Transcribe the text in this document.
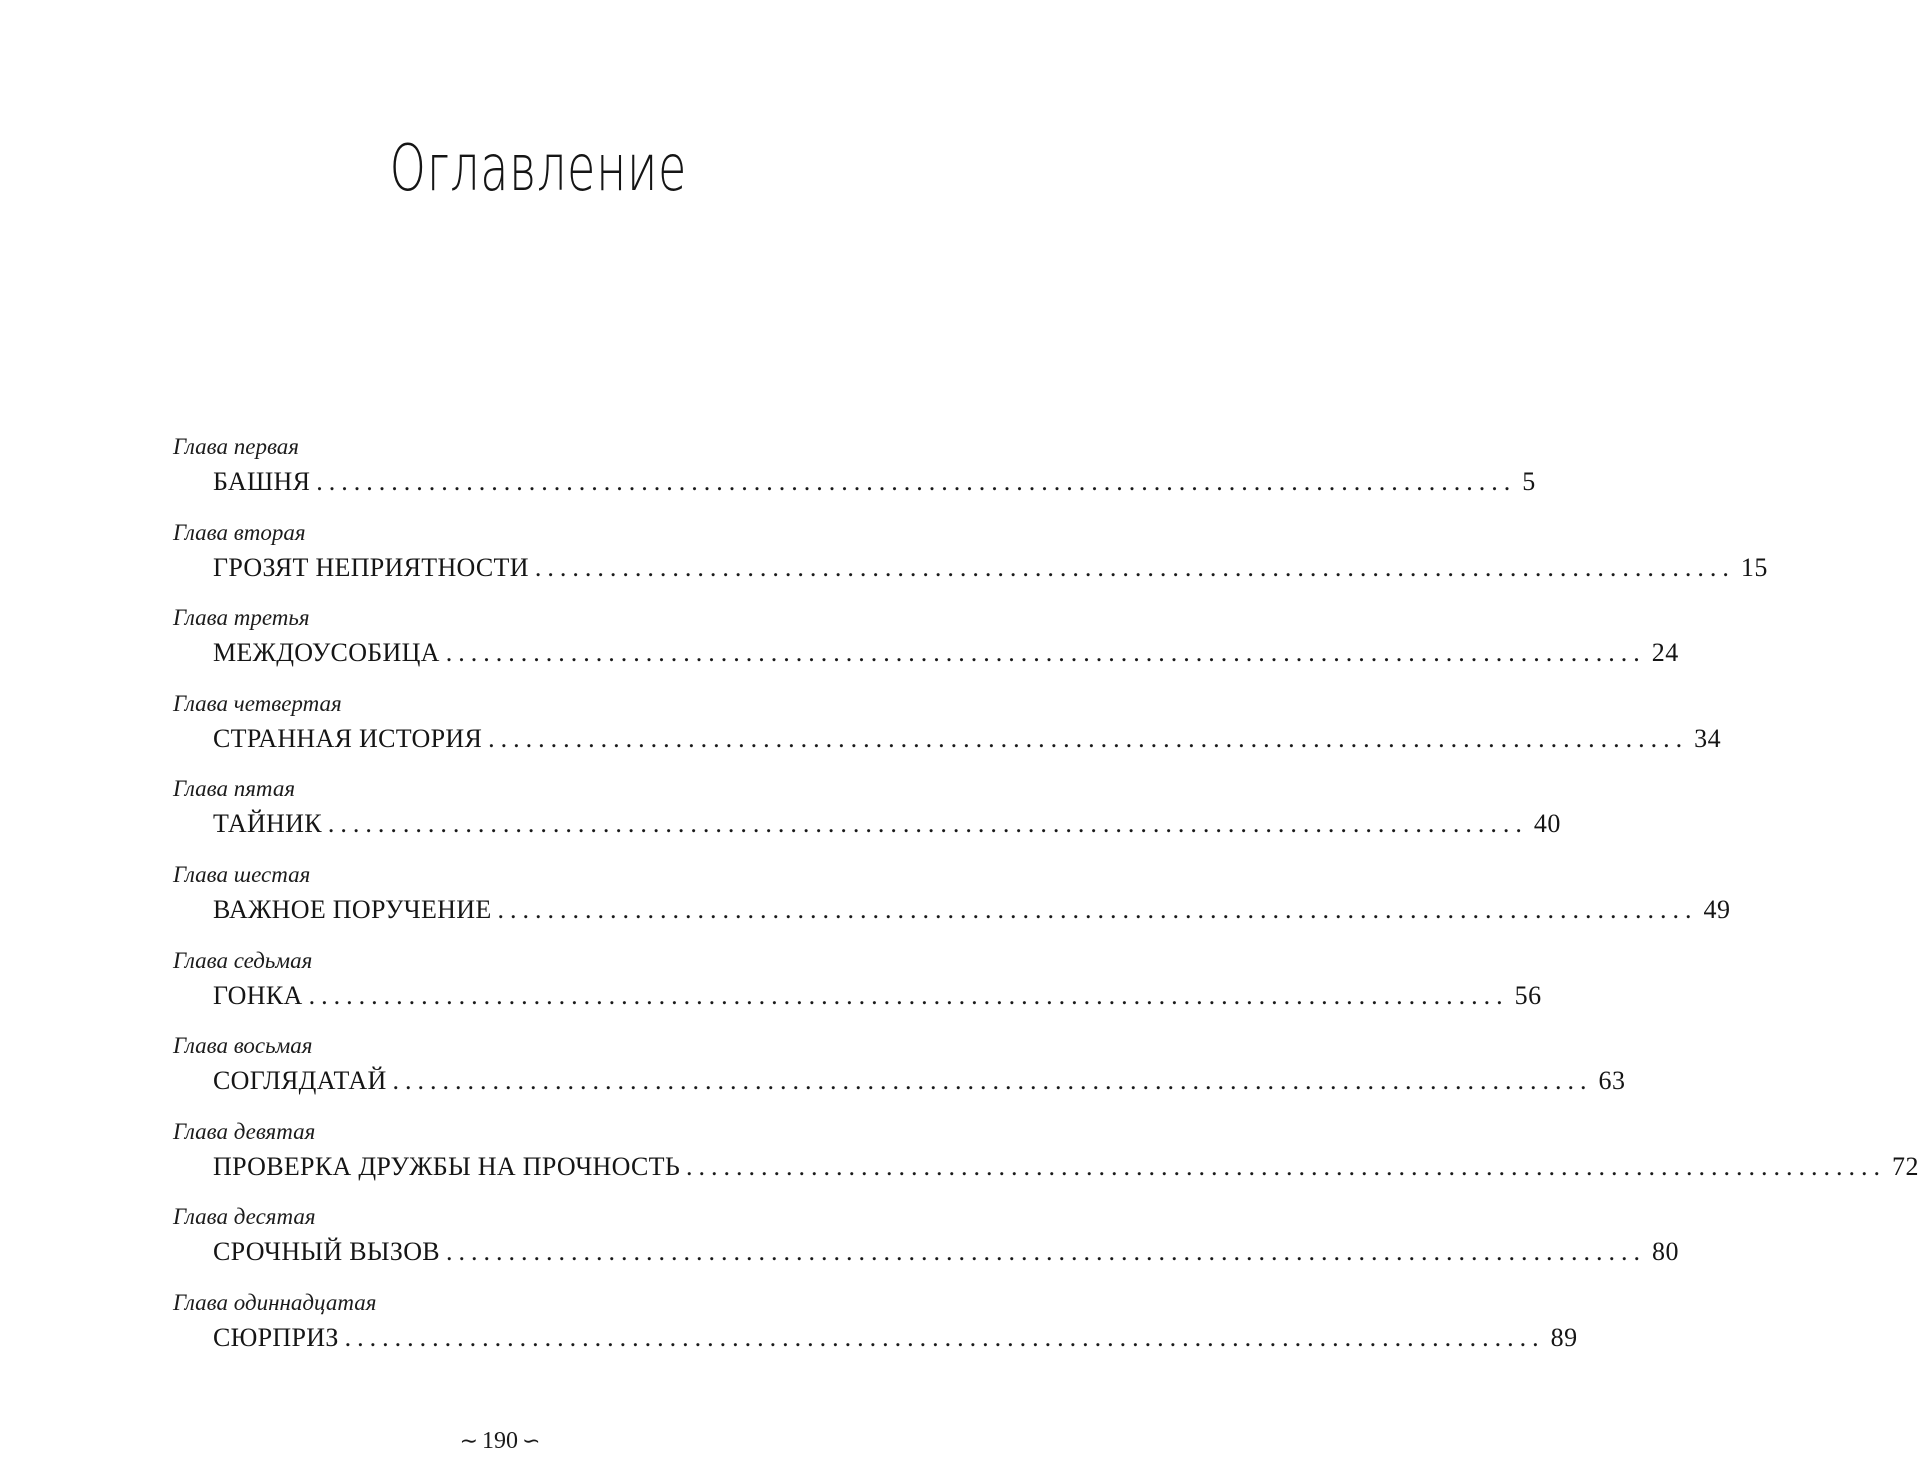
Оглавление
Глава первая
БАШНЯ ................................................................................................ 5
Глава вторая
ГРОЗЯТ НЕПРИЯТНОСТИ ................................................................................................ 15
Глава третья
МЕЖДОУСОБИЦА ................................................................................................ 24
Глава четвертая
СТРАННАЯ ИСТОРИЯ ................................................................................................ 34
Глава пятая
ТАЙНИК ................................................................................................ 40
Глава шестая
ВАЖНОЕ ПОРУЧЕНИЕ ................................................................................................ 49
Глава седьмая
ГОНКА ................................................................................................ 56
Глава восьмая
СОГЛЯДАТАЙ ................................................................................................ 63
Глава девятая
ПРОВЕРКА ДРУЖБЫ НА ПРОЧНОСТЬ ................................................................................................ 72
Глава десятая
СРОЧНЫЙ ВЫЗОВ ................................................................................................ 80
Глава одиннадцатая
СЮРПРИЗ ................................................................................................ 89
∼ 190 ∽
